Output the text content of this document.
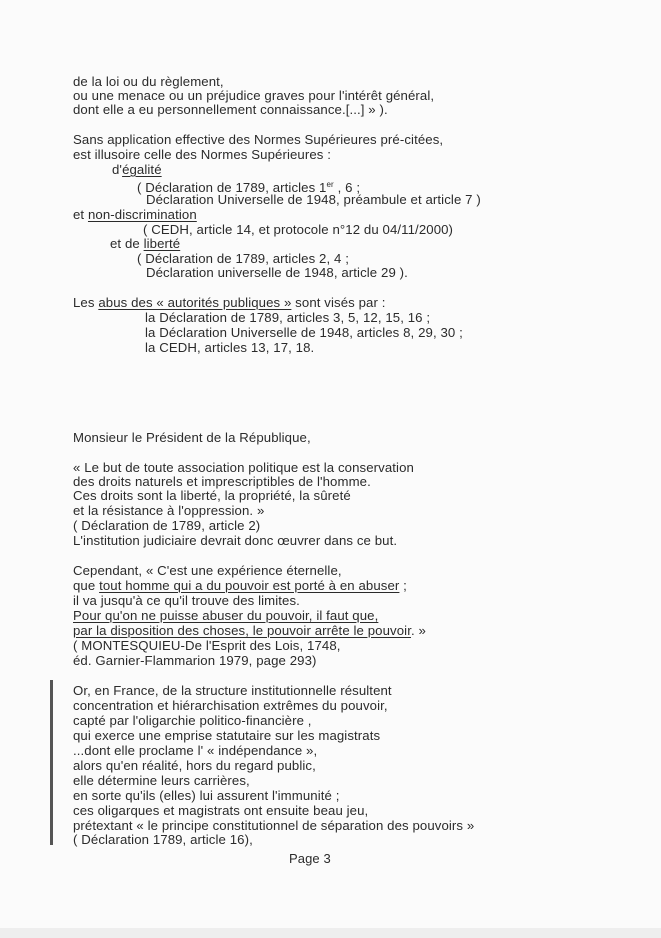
de la loi ou du règlement,
ou une menace ou un préjudice graves pour l'intérêt général,
dont elle a eu personnellement connaissance.[...] » ).
Sans application effective des Normes Supérieures pré-citées,
est illusoire celle des Normes Supérieures :
d'égalité
( Déclaration de 1789, articles 1er , 6 ;
Déclaration Universelle de 1948, préambule et article 7 )
et non-discrimination
( CEDH, article 14, et protocole n°12 du 04/11/2000)
et de liberté
( Déclaration de 1789, articles 2, 4 ;
Déclaration universelle de 1948, article 29 ).
Les abus des « autorités publiques » sont visés par :
la Déclaration de 1789, articles 3, 5, 12, 15, 16 ;
la Déclaration Universelle de 1948, articles 8, 29, 30 ;
la CEDH, articles 13, 17, 18.
Monsieur le Président de la République,
« Le but de toute association politique est la conservation
des droits naturels et imprescriptibles de l'homme.
Ces droits sont la liberté, la propriété, la sûreté
et la résistance à l'oppression. »
( Déclaration de 1789, article 2)
L'institution judiciaire devrait donc œuvrer dans ce but.
Cependant, « C'est une expérience éternelle,
que tout homme qui a du pouvoir est porté à en abuser ;
il va jusqu'à ce qu'il trouve des limites.
Pour qu'on ne puisse abuser du pouvoir, il faut que,
par la disposition des choses, le pouvoir arrête le pouvoir. »
( MONTESQUIEU-De l'Esprit des Lois, 1748,
éd. Garnier-Flammarion 1979, page 293)
Or, en France, de la structure institutionnelle résultent
concentration et hiérarchisation extrêmes du pouvoir,
capté par l'oligarchie politico-financière ,
qui exerce une emprise statutaire sur les magistrats
...dont elle proclame l' « indépendance »,
alors qu'en réalité, hors du regard public,
elle détermine leurs carrières,
en sorte qu'ils (elles) lui assurent l'immunité ;
ces oligarques et magistrats ont ensuite beau jeu,
prétextant « le principe constitutionnel de séparation des pouvoirs »
( Déclaration 1789, article 16),
Page 3
